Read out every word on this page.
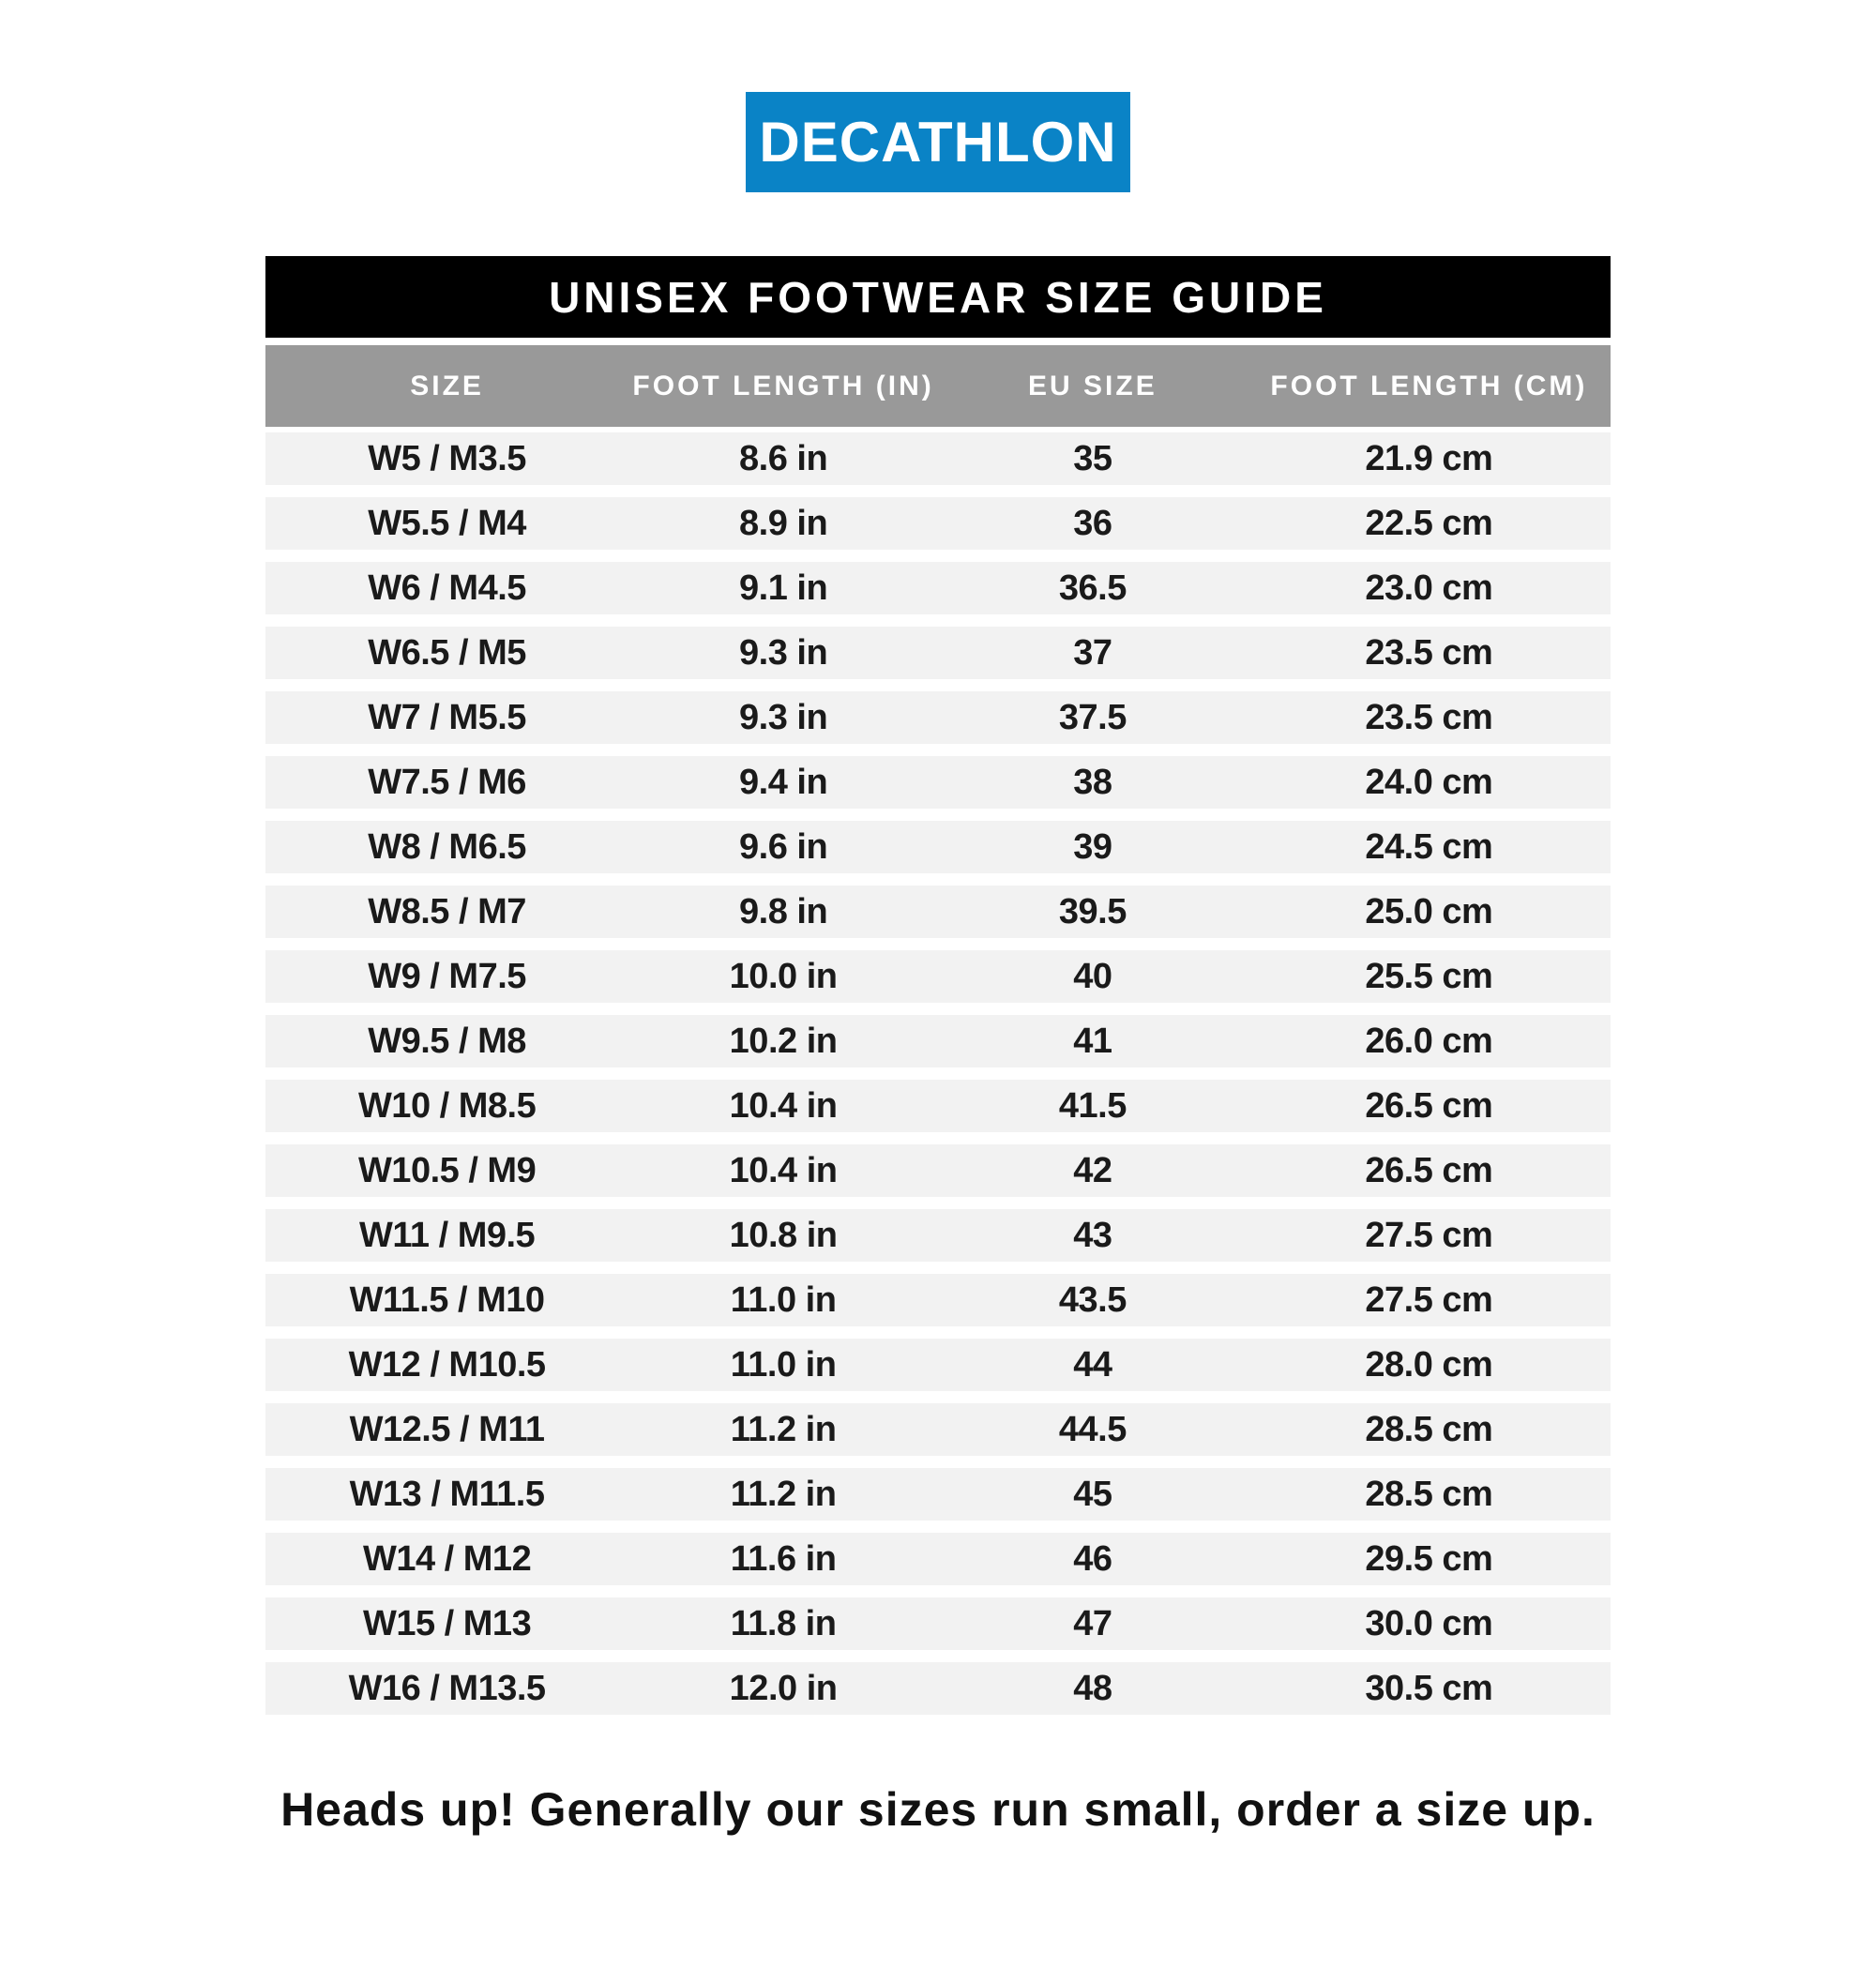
DECATHLON
UNISEX FOOTWEAR SIZE GUIDE
SIZE	FOOT LENGTH (IN)	EU SIZE	FOOT LENGTH (CM)
W5 / M3.5	8.6 in	35	21.9 cm
W5.5 / M4	8.9 in	36	22.5 cm
W6 / M4.5	9.1 in	36.5	23.0 cm
W6.5 / M5	9.3 in	37	23.5 cm
W7 / M5.5	9.3 in	37.5	23.5 cm
W7.5 / M6	9.4 in	38	24.0 cm
W8 / M6.5	9.6 in	39	24.5 cm
W8.5 / M7	9.8 in	39.5	25.0 cm
W9 / M7.5	10.0 in	40	25.5 cm
W9.5 / M8	10.2 in	41	26.0 cm
W10 / M8.5	10.4 in	41.5	26.5 cm
W10.5 / M9	10.4 in	42	26.5 cm
W11 / M9.5	10.8 in	43	27.5 cm
W11.5 / M10	11.0 in	43.5	27.5 cm
W12 / M10.5	11.0 in	44	28.0 cm
W12.5 / M11	11.2 in	44.5	28.5 cm
W13 / M11.5	11.2 in	45	28.5 cm
W14 / M12	11.6 in	46	29.5 cm
W15 / M13	11.8 in	47	30.0 cm
W16 / M13.5	12.0 in	48	30.5 cm
Heads up! Generally our sizes run small, order a size up.
